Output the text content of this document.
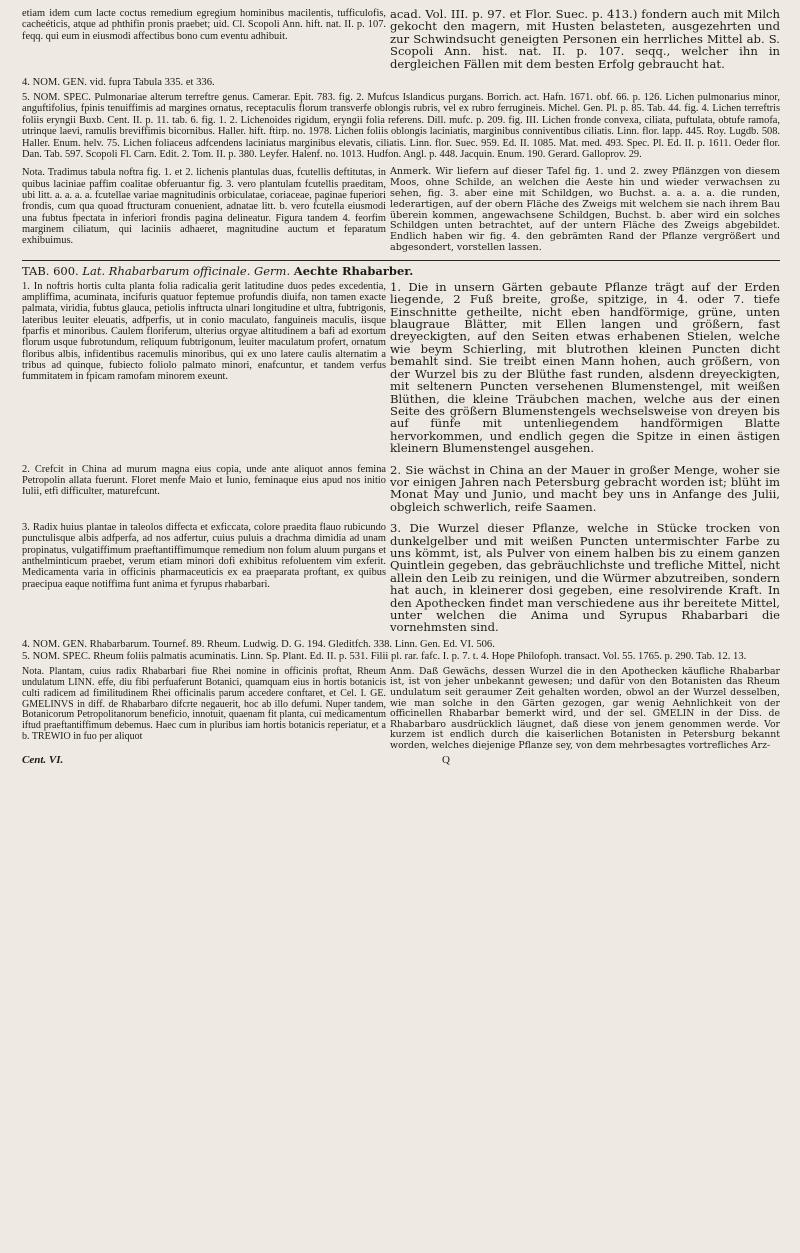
etiam idem cum lacte coctus remedium egregium hominibus macilentis, tufficulofis, cacheéticis, atque ad phthifin pronis praebet; uid. Cl. Scopoli Ann. hift. nat. II. p. 107. feqq. qui eum in eiusmodi affectibus bono cum eventu adhibuit.

acad. Vol. III. p. 97. et Flor. Suec. p. 413.) fondern auch mit Milch gekocht den magern, mit Husten belasteten, ausgezehrten und zur Schwindsucht geneigten Personen ein herrliches Mittel ab. S. Scopoli Ann. hist. nat. II. p. 107. seqq., welcher ihn in dergleichen Fällen mit dem besten Erfolg gebraucht hat.

4. NOM. GEN. vid. fupra Tabula 335. et 336.

5. NOM. SPEC. Pulmonariae alterum terreftre genus. Camerar. Epit. 783. fig. 2. Mufcus Islandicus purgans. Borrich. act. Hafn. 1671. obf. 66. p. 126. Lichen pulmonarius minor, anguftifolius, fpinis tenuiffimis ad margines ornatus, receptaculis florum transverfe oblongis rubris, vel ex rubro ferrugineis. Michel. Gen. Pl. p. 85. Tab. 44. fig. 4. Lichen terreftris foliis eryngii Buxb. Cent. II. p. 11. tab. 6. fig. 1. 2. Lichenoides rigidum, eryngii folia referens. Dill. mufc. p. 209. fig. III. Lichen fronde convexa, ciliata, puftulata, obtufe ramofa, utrinque laevi, ramulis breviffimis bicornibus. Haller. hift. ftirp. no. 1978. Lichen foliis oblongis laciniatis, marginibus conniventibus ciliatis. Linn. flor. lapp. 445. Roy. Lugdb. 508. Haller. Enum. helv. 75. Lichen foliaceus adfcendens laciniatus marginibus elevatis, ciliatis. Linn. flor. Suec. 959. Ed. II. 1085. Mat. med. 493. Spec. Pl. Ed. II. p. 1611. Oeder flor. Dan. Tab. 597. Scopoli Fl. Carn. Edit. 2. Tom. II. p. 380. Leyfer. Halenf. no. 1013. Hudfon. Angl. p. 448. Jacquin. Enum. 190. Gerard. Galloprov. 29.

Nota. Tradimus tabula noftra fig. 1. et 2. lichenis plantulas duas, fcutellis deftitutas, in quibus laciniae paffim coalitae obferuantur fig. 3. vero plantulam fcutellis praeditam, ubi litt. a. a. a. a. fcutellae variae magnitudinis orbiculatae, coriaceae, paginae fuperiori frondis, cum qua quoad ftructuram conuenient, adnatae litt. b. vero fcutella eiusmodi una fubtus fpectata in inferiori frondis pagina delineatur. Figura tandem 4. feorfim marginem ciliatum, qui laciniis adhaeret, magnitudine auctum et feparatum exhibuimus.

Anmerk. Wir liefern auf dieser Tafel fig. 1. und 2. zwey Pflänzgen von diesem Moos, ohne Schilde, an welchen die Aeste hin und wieder verwachsen zu sehen, fig. 3. aber eine mit Schildgen, wo Buchst. a. a. a. a. die runden, lederartigen, auf der obern Fläche des Zweigs mit welchem sie nach ihrem Bau überein kommen, angewachsene Schildgen, Buchst. b. aber wird ein solches Schildgen unten betrachtet, auf der untern Fläche des Zweigs abgebildet. Endlich haben wir fig. 4. den gebrämten Rand der Pflanze vergrößert und abgesondert, vorstellen lassen.

TAB. 600. Lat. Rhabarbarum officinale. Germ. Aechte Rhabarber.

1. In noftris hortis culta planta folia radicalia gerit latitudine duos pedes excedentia, ampliffima, acuminata, incifuris quatuor feptemue profundis diuifa, non tamen exacte palmata, viridia, fubtus glauca, petiolis inftructa ulnari longitudine et ultra, fubtrigonis, lateribus leuiter eleuatis, adfperfis, ut in conio maculato, fanguineis maculis, iisque fparfis et minoribus. Caulem floriferum, ulterius orgyae altitudinem a bafi ad exortum florum usque fubrotundum, reliquum fubtrigonum, leuiter maculatum profert, ornatum floribus albis, infidentibus racemulis minoribus, qui ex uno latere caulis alternatim a tribus ad quinque, fubiecto foliolo palmato minori, enafcuntur, et tandem verfus fummitatem in fpicam ramofam minorem exeunt.

1. Die in unsern Gärten gebaute Pflanze trägt auf der Erden liegende, 2 Fuß breite, große, spitzige, in 4. oder 7. tiefe Einschnitte getheilte, nicht eben handförmige, grüne, unten blaugraue Blätter, mit Ellen langen und größern, fast dreyeckigten, auf den Seiten etwas erhabenen Stielen, welche wie beym Schierling, mit blutrothen kleinen Puncten dicht bemahlt sind. Sie treibt einen Mann hohen, auch größern, von der Wurzel bis zu der Blüthe fast runden, alsdenn dreyeckigten, mit seltenern Puncten versehenen Blumenstengel, mit weißen Blüthen, die kleine Träubchen machen, welche aus der einen Seite des größern Blumenstengels wechselsweise von dreyen bis auf fünfe mit untenliegendem handförmigen Blatte hervorkommen, und endlich gegen die Spitze in einen ästigen kleinern Blumenstengel ausgehen.

2. Crefcit in China ad murum magna eius copia, unde ante aliquot annos femina Petropolin allata fuerunt. Floret menfe Maio et Iunio, feminaque eius apud nos initio Iulii, etfi difficulter, maturefcunt.

2. Sie wächst in China an der Mauer in großer Menge, woher sie vor einigen Jahren nach Petersburg gebracht worden ist; blüht im Monat May und Junio, und macht bey uns in Anfange des Julii, obgleich schwerlich, reife Saamen.

3. Radix huius plantae in taleolos diffecta et exficcata, colore praedita flauo rubicundo punctulisque albis adfperfa, ad nos adfertur, cuius puluis a drachma dimidia ad unam propinatus, vulgatiffimum praeftantiffimumque remedium non folum aluum purgans et anthelminticum praebet, verum etiam minori dofi exhibitus refoluentem vim exferit. Medicamenta varia in officinis pharmaceuticis ex ea praeparata proftant, ex quibus praecipua eaque notiffima funt anima et fyrupus rhabarbari.

3. Die Wurzel dieser Pflanze, welche in Stücke trocken von dunkelgelber und mit weißen Puncten untermischter Farbe zu uns kömmt, ist, als Pulver von einem halben bis zu einem ganzen Quintlein gegeben, das gebräuchlichste und trefliche Mittel, nicht allein den Leib zu reinigen, und die Würmer abzutreiben, sondern hat auch, in kleinerer dosi gegeben, eine resolvirende Kraft. In den Apothecken findet man verschiedene aus ihr bereitete Mittel, unter welchen die Anima und Syrupus Rhabarbari die vornehmsten sind.

4. NOM. GEN. Rhabarbarum. Tournef. 89. Rheum. Ludwig. D. G. 194. Gleditfch. 338. Linn. Gen. Ed. VI. 506.

5. NOM. SPEC. Rheum foliis palmatis acuminatis. Linn. Sp. Plant. Ed. II. p. 531. Filii pl. rar. fafc. I. p. 7. t. 4. Hope Philofoph. transact. Vol. 55. 1765. p. 290. Tab. 12. 13.

Nota. Plantam, cuius radix Rhabarbari fiue Rhei nomine in officinis proftat, Rheum undulatum LINN. effe, diu fibi perfuaferunt Botanici, quamquam eius in hortis botanicis culti radicem ad fimilitudinem Rhei officinalis parum accedere conftaret, et Cel. I. GE. GMELINVS in diff. de Rhabarbaro difcrte negauerit, hoc ab illo defumi. Nuper tandem, Botanicorum Petropolitanorum beneficio, innotuit, quaenam fit planta, cui medicamentum iftud praeftantiffimum debemus. Haec cum in pluribus iam hortis botanicis reperiatur, et a b. TREWIO in fuo per aliquot

Anm. Daß Gewächs, dessen Wurzel die in den Apothecken käufliche Rhabarbar ist, ist von jeher unbekannt gewesen; und dafür von den Botanisten das Rheum undulatum seit geraumer Zeit gehalten worden, obwol an der Wurzel desselben, wie man solche in den Gärten gezogen, gar wenig Aehnlichkeit von der officinellen Rhabarbar bemerkt wird, und der sel. GMELIN in der Diss. de Rhabarbaro ausdrücklich läugnet, daß diese von jenem genommen werde. Vor kurzem ist endlich durch die kaiserlichen Botanisten in Petersburg bekannt worden, welches diejenige Pflanze sey, von dem mehrbesagtes vortrefliches Arz-

Cent. VI.	Q
